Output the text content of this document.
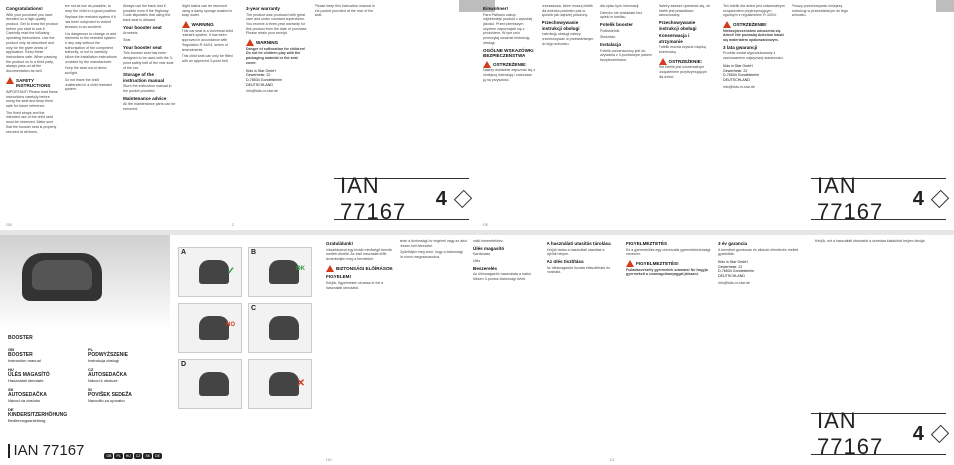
Congratulations!

With your purchase you have decided on a high-quality product. Get to know the product before you start to use it. Carefully read the following operating instructions. Use the product only as described and only for the given areas of application. Keep these instructions safe. When passing the product on to a third party, always pass on all the documentation as well.

SAFETY INSTRUCTIONS

IMPORTANT! Please read these instructions carefully before using the seat and keep them safe for future reference.

The fixed straps and the intended use of the child seat must be observed. Make sure that the booster seat is properly secured at all times.

are not as low as possible, to keep the child in a good position.

Replace the restraint system if it has been subjected to violent stresses in an accident.

It is dangerous to change or add elements to the restraint system in any way without the authorisation of the competent authority, or not to carefully follow the installation instructions provided by the manufacturer.

Keep the seat out of direct sunlight.

Do not leave the child unattended in a child restraint system.

Always use the back rest if possible even if the Highway Code stipulates that using the back seat is allowed.

Your booster seat

Armrests

Seat

Your booster seat

This booster seat has been designed to be used with the 3-point safety belt of the rear seat of the car.

Storage of the instruction manual

Store the instruction manual in the pocket provided.

Maintenance advice

All the maintenance parts can be removed.

Night stains can be removed using a damp sponge soaked in soap water.

WARNING

This car seat is a Universal child restraint system. It has been approved in accordance with Regulation R 44/04, series of amendments.

This child seat can only be fitted with an approved 3-point belt.

GB	2
3-year warranty

The product was produced with great care and under constant supervision. You receive a three-year warranty for this product from the date of purchase. Please retain your receipt.

WARNING

Danger of suffocation for children! Do not let children play with the packaging material or the seat cover.

Kids in Star GmbH
Gewerbestr. 22
D-76534 Gondelsheim
DEUTSCHLAND

info@kids-in-star.de

Please keep this instruction manual in the pocket provided at the rear of the seat.

IAN 77167
4
Einwohner!

Para Pathano zakup najhebniejsi produkt z wysokiej jakości. Przed pierwszym użyciem zapoznajcie się z produktem. W tym celu przeczytaj uważnie instrukcję obsługi.

OGÓLNE WSKAZÓWKI BEZPIECZEŃSTWA
OSTRZEŻENIE:

Należy dokładnie zapoznać się z niniejszą instrukcją i zachować ją na przyszłość.

przesadowa, które muszą fotelik dla dziecka powinien pas w sposób jak najniżej położony.

Przechowywanie instrukcji obsługi

Instrukcję obsługi należy przechowywać w przewidzianym do tego schowku.

dla opisu tych informacji.

Dziecko nie zostawiać bez opieki w foteliku.

Fotelik booster

Podłokietnik

Siedzisko

Instalacja

Fotelik przeznaczony jest do używania z 3-punktowym pasem bezpieczeństwa.

Należy zawsze upewniać się, że fotelik jest prawidłowo zamocowany.

Przechowywanie instrukcji obsługi
Konserwacja i utrzymanie

Fotelik można czyścić miękką ściereczką.

OSTRZEŻENIE:

Ten fotelik jest uniwersalnym urządzeniem przytrzymującym dla dzieci.

DE

Ten fotelik dla dzieci jest uniwersalnym urządzeniem przytrzymującym zgodnym z regulaminem R 44/04.

OSTRZEŻENIE!

Niebezpieczeństwo uduszenia się dzieci! Nie pozwalaj dzieciom bawić się materiałem opakowaniowym.

3 lata gwarancji

Produkt został wyprodukowany z zachowaniem najwyższej staranności.

Kids in Star GmbH
Gewerbestr. 22
D-76534 Gondelsheim
DEUTSCHLAND

info@kids-in-star.de

Proszę przechowywać niniejszą instrukcję w przewidzianym do tego schowku.

IAN 77167
4
BOOSTER
GB
BOOSTER
Instruction manual
PL
PODWYŻSZENIE
Instrukcja obsługi
HU
ÜLÉS MAGASÍTÓ
Használati útmutató
CZ
AUTOSEDAČKA
Návod k obsluze
SK
AUTOSEDAČKA
Návod na obsluhu
SI
POVIŠEK SEDEŽA
Navodilo za uporabo
DE
KINDERSITZERHÖHUNG
Bedienungsanleitung
IAN 77167	GB	PL	HU	CZ	SK	DE
A
✓
B
OK
NO
C
D
✕
Gratulálunk!

Vásárlásával egy kiváló minőségű termék mellett döntött. Az első használat előtt ismerkedjen meg a termékkel.

BIZTONSÁGI ELŐÍRÁSOK
FIGYELEM!

Kérjük, figyelmesen olvassa el ezt a használati útmutatót.

amin a biztonsági öv végénél vagy az alsó részen kell átvezetni.

Győződjön meg arról, hogy a biztonsági öv nincs megcsavarodva.

valló ismeretekhez.

Ülés magasító

Kartámasz

Ülés

Beszerelés

Az ülésmagasító használata a hátsó ülésen 3-pontos biztonsági övvel.

A használati utasítás tárolása

Kérjük tartsa a használati utasítást a kijelölt helyen.

Az ülés tisztítása

Az ülésmagasító huzata eltávolítható és mosható.

HU	13
FIGYELMEZTETÉS

Ez a gyermekülés egy univerzális gyermekbiztonsági rendszer.

FIGYELMEZTETÉS!

Fulladásveszély gyermekek számára! Ne hagyja gyermekeit a csomagolóanyaggal játszani.

3 év garancia

A terméket gondosan és állandó ellenőrzés mellett gyártották.

Kids in Star GmbH
Gewerbestr. 22
D-76534 Gondelsheim
DEUTSCHLAND

info@kids-in-star.de

Kérjük, ezt a használati útmutatót a számára kialakított helyen tárolja.

IAN 77167
4
